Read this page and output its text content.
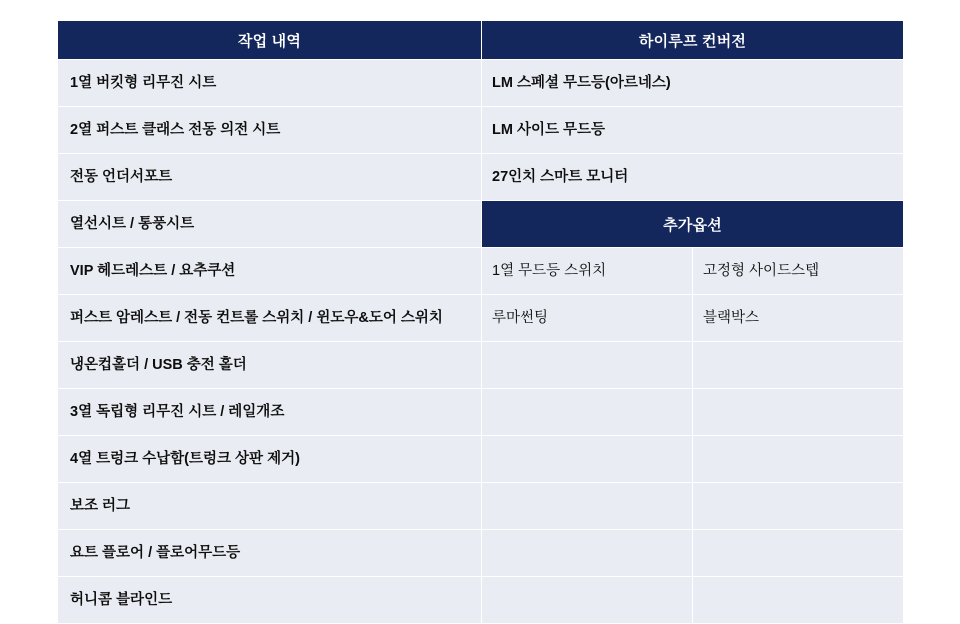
작업 내역	하이루프 컨버전	
1열 버킷형 리무진 시트	LM 스페셜 무드등(아르네스)	
2열 퍼스트 클래스 전동 의전 시트	LM 사이드 무드등	
전동 언더서포트	27인치 스마트 모니터	
열선시트 / 통풍시트	추가옵션	
VIP 헤드레스트 / 요추쿠션	1열 무드등 스위치	고정형 사이드스텝
퍼스트 암레스트 / 전동 컨트롤 스위치 / 윈도우&도어 스위치	루마썬팅	블랙박스
냉온컵홀더 / USB 충전 홀더		
3열 독립형 리무진 시트 / 레일개조		
4열 트렁크 수납함(트렁크 상판 제거)		
보조 러그		
요트 플로어 / 플로어무드등		
허니콤 블라인드		
